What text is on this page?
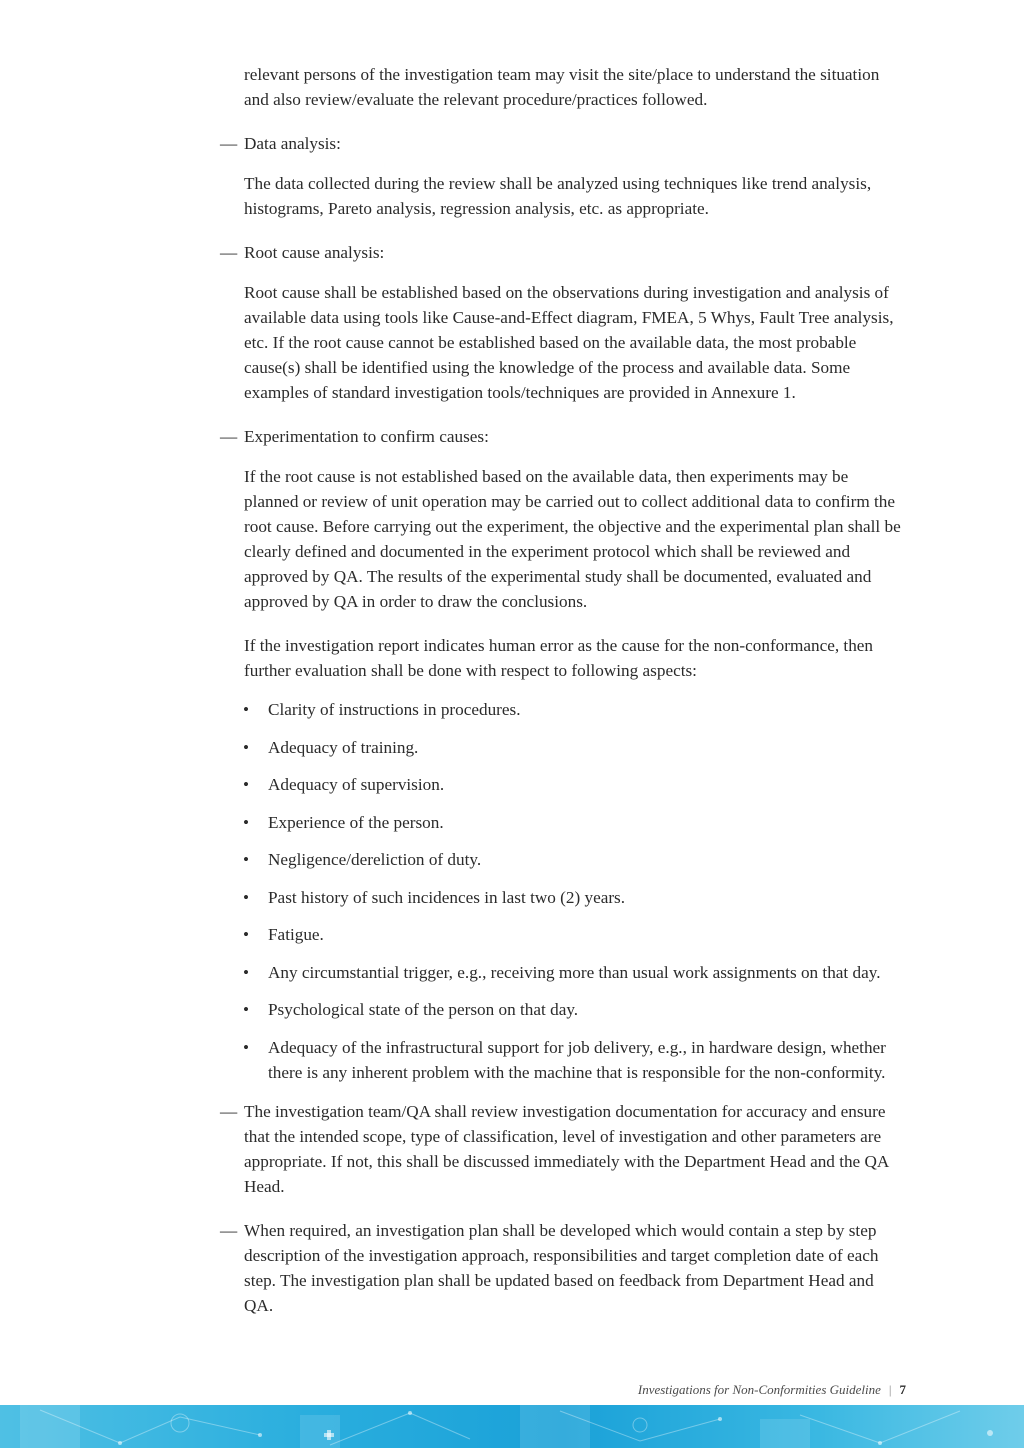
relevant persons of the investigation team may visit the site/place to understand the situation and also review/evaluate the relevant procedure/practices followed.

— Data analysis:

The data collected during the review shall be analyzed using techniques like trend analysis, histograms, Pareto analysis, regression analysis, etc. as appropriate.

— Root cause analysis:

Root cause shall be established based on the observations during investigation and analysis of available data using tools like Cause-and-Effect diagram, FMEA, 5 Whys, Fault Tree analysis, etc. If the root cause cannot be established based on the available data, the most probable cause(s) shall be identified using the knowledge of the process and available data. Some examples of standard investigation tools/techniques are provided in Annexure 1.

— Experimentation to confirm causes:

If the root cause is not established based on the available data, then experiments may be planned or review of unit operation may be carried out to collect additional data to confirm the root cause. Before carrying out the experiment, the objective and the experimental plan shall be clearly defined and documented in the experiment protocol which shall be reviewed and approved by QA. The results of the experimental study shall be documented, evaluated and approved by QA in order to draw the conclusions.

If the investigation report indicates human error as the cause for the non-conformance, then further evaluation shall be done with respect to following aspects:

• Clarity of instructions in procedures.
• Adequacy of training.
• Adequacy of supervision.
• Experience of the person.
• Negligence/dereliction of duty.
• Past history of such incidences in last two (2) years.
• Fatigue.
• Any circumstantial trigger, e.g., receiving more than usual work assignments on that day.
• Psychological state of the person on that day.
• Adequacy of the infrastructural support for job delivery, e.g., in hardware design, whether there is any inherent problem with the machine that is responsible for the non-conformity.
— The investigation team/QA shall review investigation documentation for accuracy and ensure that the intended scope, type of classification, level of investigation and other parameters are appropriate. If not, this shall be discussed immediately with the Department Head and the QA Head.
— When required, an investigation plan shall be developed which would contain a step by step description of the investigation approach, responsibilities and target completion date of each step. The investigation plan shall be updated based on feedback from Department Head and QA.
Investigations for Non-Conformities Guideline | 7
